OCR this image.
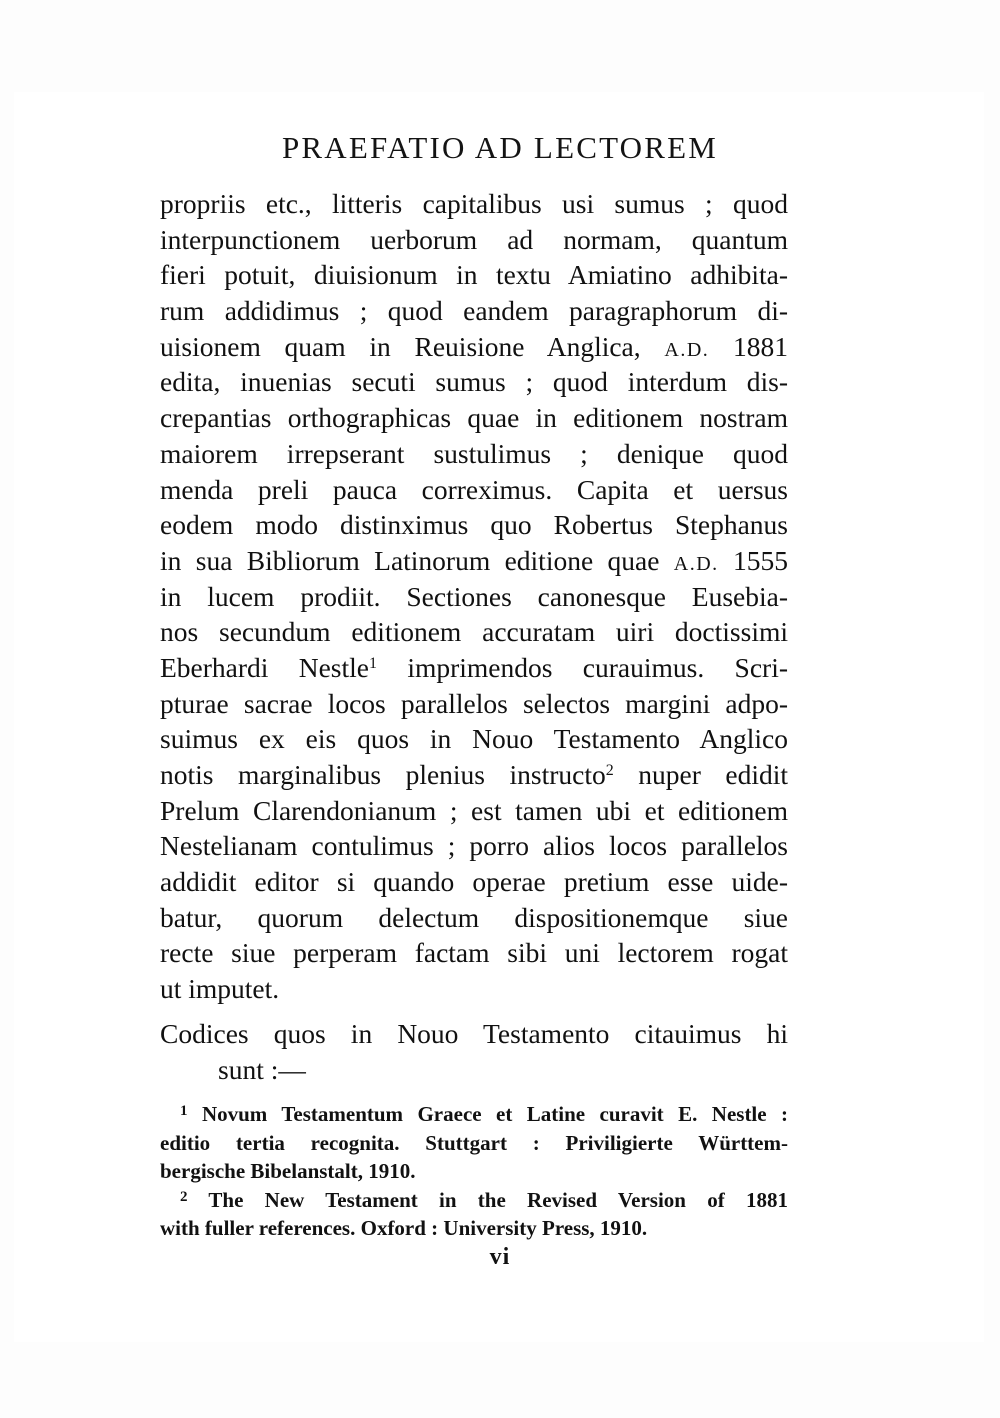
PRAEFATIO AD LECTOREM
propriis etc., litteris capitalibus usi sumus ; quod
interpunctionem uerborum ad normam, quantum
fieri potuit, diuisionum in textu Amiatino adhibita-
rum addidimus ; quod eandem paragraphorum di-
uisionem quam in Reuisione Anglica, A.D. 1881
edita, inuenias secuti sumus ; quod interdum dis-
crepantias orthographicas quae in editionem nostram
maiorem irrepserant sustulimus ; denique quod
menda preli pauca correximus. Capita et uersus
eodem modo distinximus quo Robertus Stephanus
in sua Bibliorum Latinorum editione quae A.D. 1555
in lucem prodiit. Sectiones canonesque Eusebia-
nos secundum editionem accuratam uiri doctissimi
Eberhardi Nestle$^1$ imprimendos curauimus. Scri-
pturae sacrae locos parallelos selectos margini adpo-
suimus ex eis quos in Nouo Testamento Anglico
notis marginalibus plenius instructo$^2$ nuper edidit
Prelum Clarendonianum ; est tamen ubi et editionem
Nestelianam contulimus ; porro alios locos parallelos
addidit editor si quando operae pretium esse uide-
batur, quorum delectum dispositionemque siue
recte siue perperam factam sibi uni lectorem rogat
ut imputet.
Codices quos in Nouo Testamento citauimus hi
sunt :—
$^1$ Novum Testamentum Graece et Latine curavit E. Nestle :
editio tertia recognita. Stuttgart : Priviligierte Württem-
bergische Bibelanstalt, 1910.
$^2$ The New Testament in the Revised Version of 1881
with fuller references. Oxford : University Press, 1910.
vi
